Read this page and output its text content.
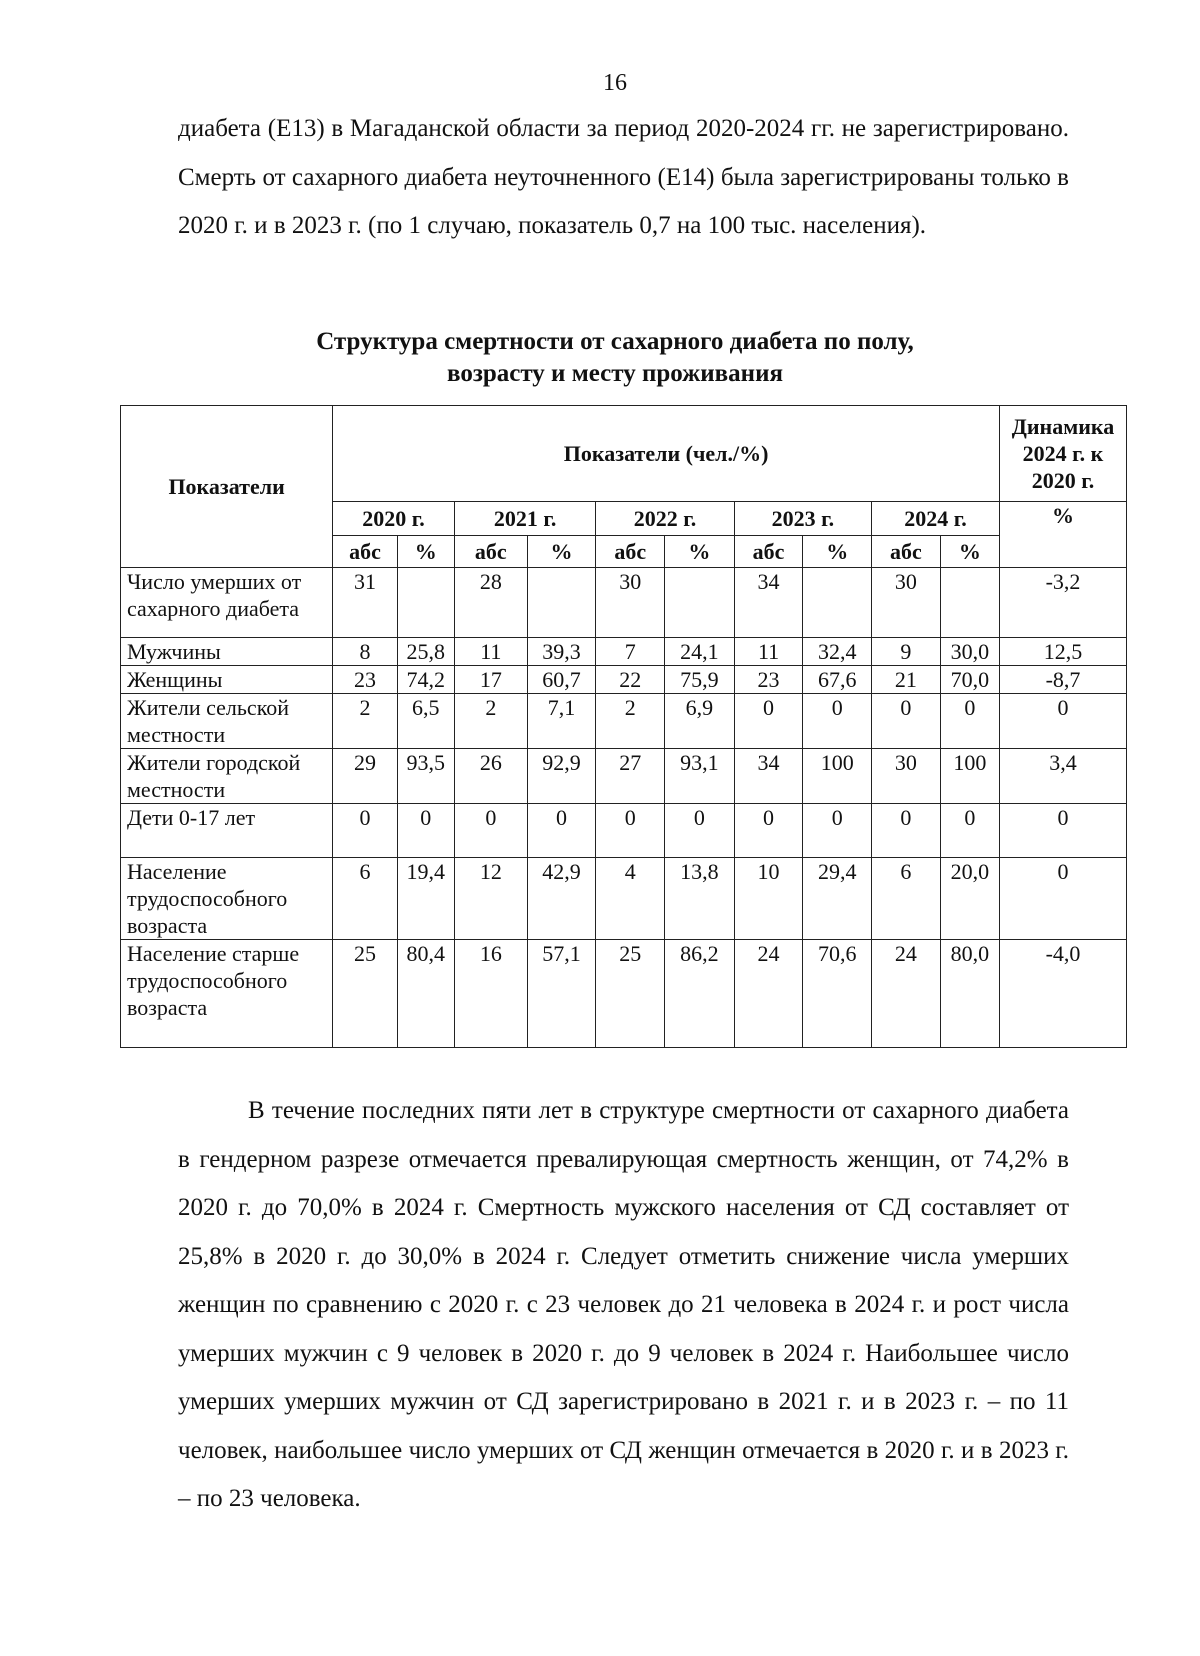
16

диабета (Е13) в Магаданской области за период 2020-2024 гг. не зарегистрировано. Смерть от сахарного диабета неуточненного (Е14) была зарегистрированы только в 2020 г. и в 2023 г. (по 1 случаю, показатель 0,7 на 100 тыс. населения).

Структура смертности от сахарного диабета по полу,
возрасту и месту проживания
Показатели	Показатели (чел./%)										Динамика 2024 г. к 2020 г.
	2020 г.		2021 г.		2022 г.		2023 г.		2024 г.		%
	абс	%	абс	%	абс	%	абс	%	абс	%	
Число умерших от сахарного диабета	31		28		30		34		30		-3,2
Мужчины	8	25,8	11	39,3	7	24,1	11	32,4	9	30,0	12,5
Женщины	23	74,2	17	60,7	22	75,9	23	67,6	21	70,0	-8,7
Жители сельской местности	2	6,5	2	7,1	2	6,9	0	0	0	0	0
Жители городской местности	29	93,5	26	92,9	27	93,1	34	100	30	100	3,4
Дети 0-17 лет	0	0	0	0	0	0	0	0	0	0	0
Население трудоспособного возраста	6	19,4	12	42,9	4	13,8	10	29,4	6	20,0	0
Население старше трудоспособного возраста	25	80,4	16	57,1	25	86,2	24	70,6	24	80,0	-4,0

В течение последних пяти лет в структуре смертности от сахарного диабета в гендерном разрезе отмечается превалирующая смертность женщин, от 74,2% в 2020 г. до 70,0% в 2024 г. Смертность мужского населения от СД составляет от 25,8% в 2020 г. до 30,0% в 2024 г. Следует отметить снижение числа умерших женщин по сравнению с 2020 г. с 23 человек до 21 человека в 2024 г. и рост числа умерших мужчин с 9 человек в 2020 г. до 9 человек в 2024 г. Наибольшее число умерших умерших мужчин от СД зарегистрировано в 2021 г. и в 2023 г. – по 11 человек, наибольшее число умерших от СД женщин отмечается в 2020 г. и в 2023 г. – по 23 человека.
